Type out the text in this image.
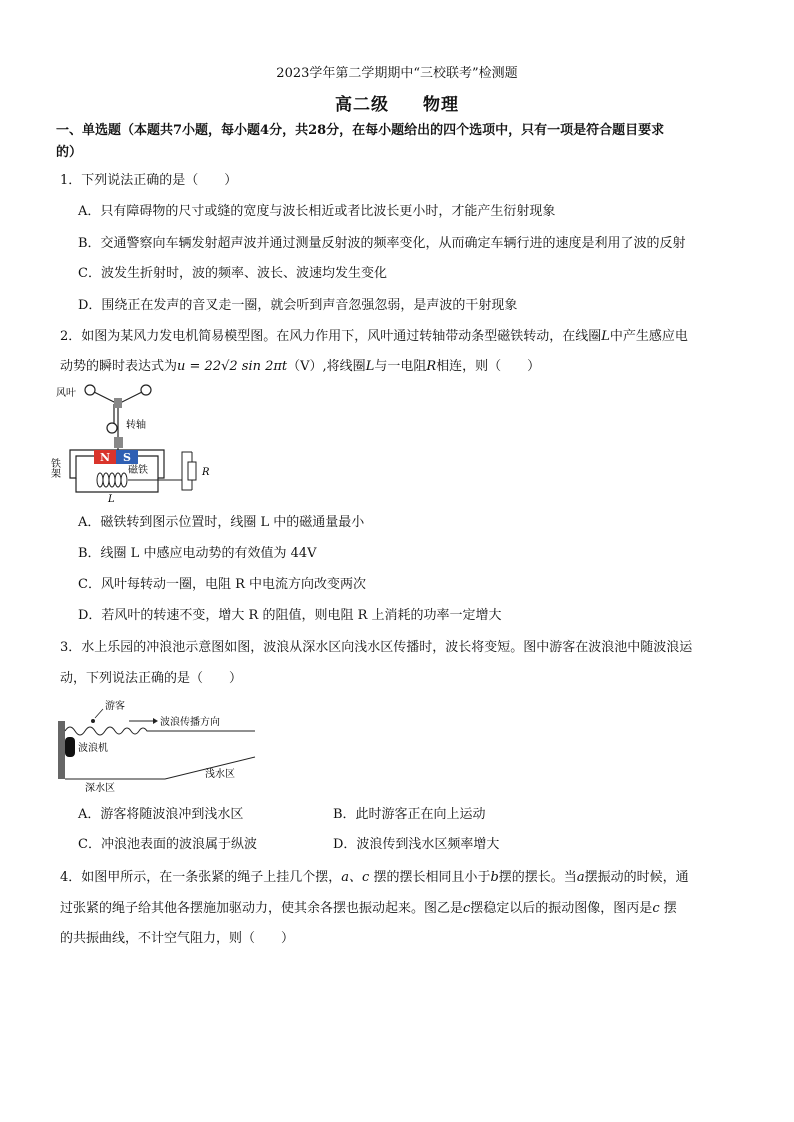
2023学年第二学期期中“三校联考”检测题
高二级 物理
一、单选题（本题共7小题，每小题4分，共28分，在每小题给出的四个选项中，只有一项是符合题目要求
的）
1．下列说法正确的是（　　）
A．只有障碍物的尺寸或缝的宽度与波长相近或者比波长更小时，才能产生衍射现象
B．交通警察向车辆发射超声波并通过测量反射波的频率变化，从而确定车辆行进的速度是利用了波的反射
C．波发生折射时，波的频率、波长、波速均发生变化
D．围绕正在发声的音叉走一圈，就会听到声音忽强忽弱，是声波的干射现象
2．如图为某风力发电机简易模型图。在风力作用下，风叶通过转轴带动条型磁铁转动，在线圈L中产生感应电
动势的瞬时表达式为u = 22√2 sin 2πt（V）,将线圈L与一电阻R相连，则（　　）
风叶
转轴
铁架
N S
磁铁
L
R
A．磁铁转到图示位置时，线圈 L 中的磁通量最小
B．线圈 L 中感应电动势的有效值为 44V
C．风叶每转动一圈，电阻 R 中电流方向改变两次
D．若风叶的转速不变，增大 R 的阻值，则电阻 R 上消耗的功率一定增大
3．水上乐园的冲浪池示意图如图，波浪从深水区向浅水区传播时，波长将变短。图中游客在波浪池中随波浪运
动，下列说法正确的是（　　）
波浪机
游客
波浪传播方向
深水区
浅水区
A．游客将随波浪冲到浅水区	B．此时游客正在向上运动
C．冲浪池表面的波浪属于纵波	D．波浪传到浅水区频率增大
4．如图甲所示，在一条张紧的绳子上挂几个摆，a、c 摆的摆长相同且小于b摆的摆长。当a摆振动的时候，通
过张紧的绳子给其他各摆施加驱动力，使其余各摆也振动起来。图乙是c摆稳定以后的振动图像，图丙是c 摆
的共振曲线，不计空气阻力，则（　　）
